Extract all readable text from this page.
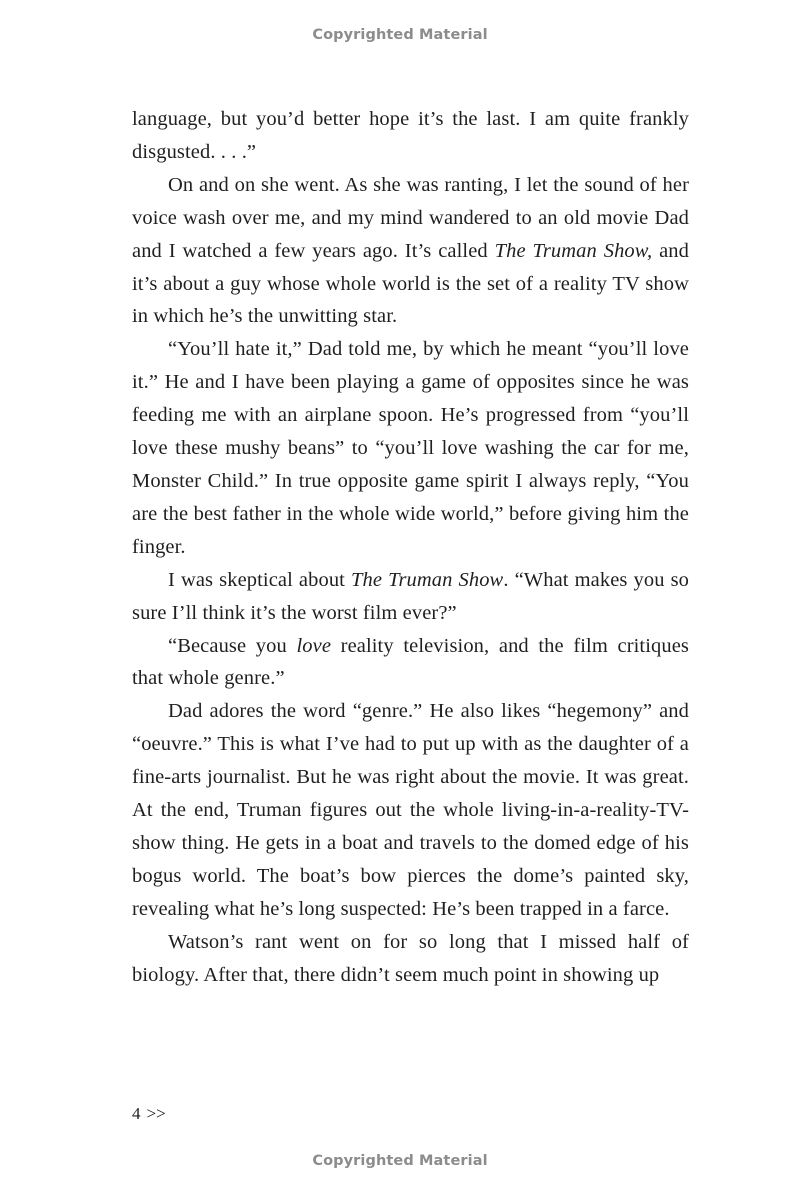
Copyrighted Material

language, but you’d better hope it’s the last. I am quite frankly disgusted. . . .”

On and on she went. As she was ranting, I let the sound of her voice wash over me, and my mind wandered to an old movie Dad and I watched a few years ago. It’s called The Truman Show, and it’s about a guy whose whole world is the set of a reality TV show in which he’s the unwitting star.

“You’ll hate it,” Dad told me, by which he meant “you’ll love it.” He and I have been playing a game of opposites since he was feeding me with an airplane spoon. He’s progressed from “you’ll love these mushy beans” to “you’ll love washing the car for me, Monster Child.” In true opposite game spirit I always reply, “You are the best father in the whole wide world,” before giving him the finger.

I was skeptical about The Truman Show. “What makes you so sure I’ll think it’s the worst film ever?”

“Because you love reality television, and the film critiques that whole genre.”

Dad adores the word “genre.” He also likes “hegemony” and “oeuvre.” This is what I’ve had to put up with as the daughter of a fine-arts journalist. But he was right about the movie. It was great. At the end, Truman figures out the whole living-in-a-reality-TV-show thing. He gets in a boat and travels to the domed edge of his bogus world. The boat’s bow pierces the dome’s painted sky, revealing what he’s long suspected: He’s been trapped in a farce.

Watson’s rant went on for so long that I missed half of biology. After that, there didn’t seem much point in showing up

4 >>
Copyrighted Material
